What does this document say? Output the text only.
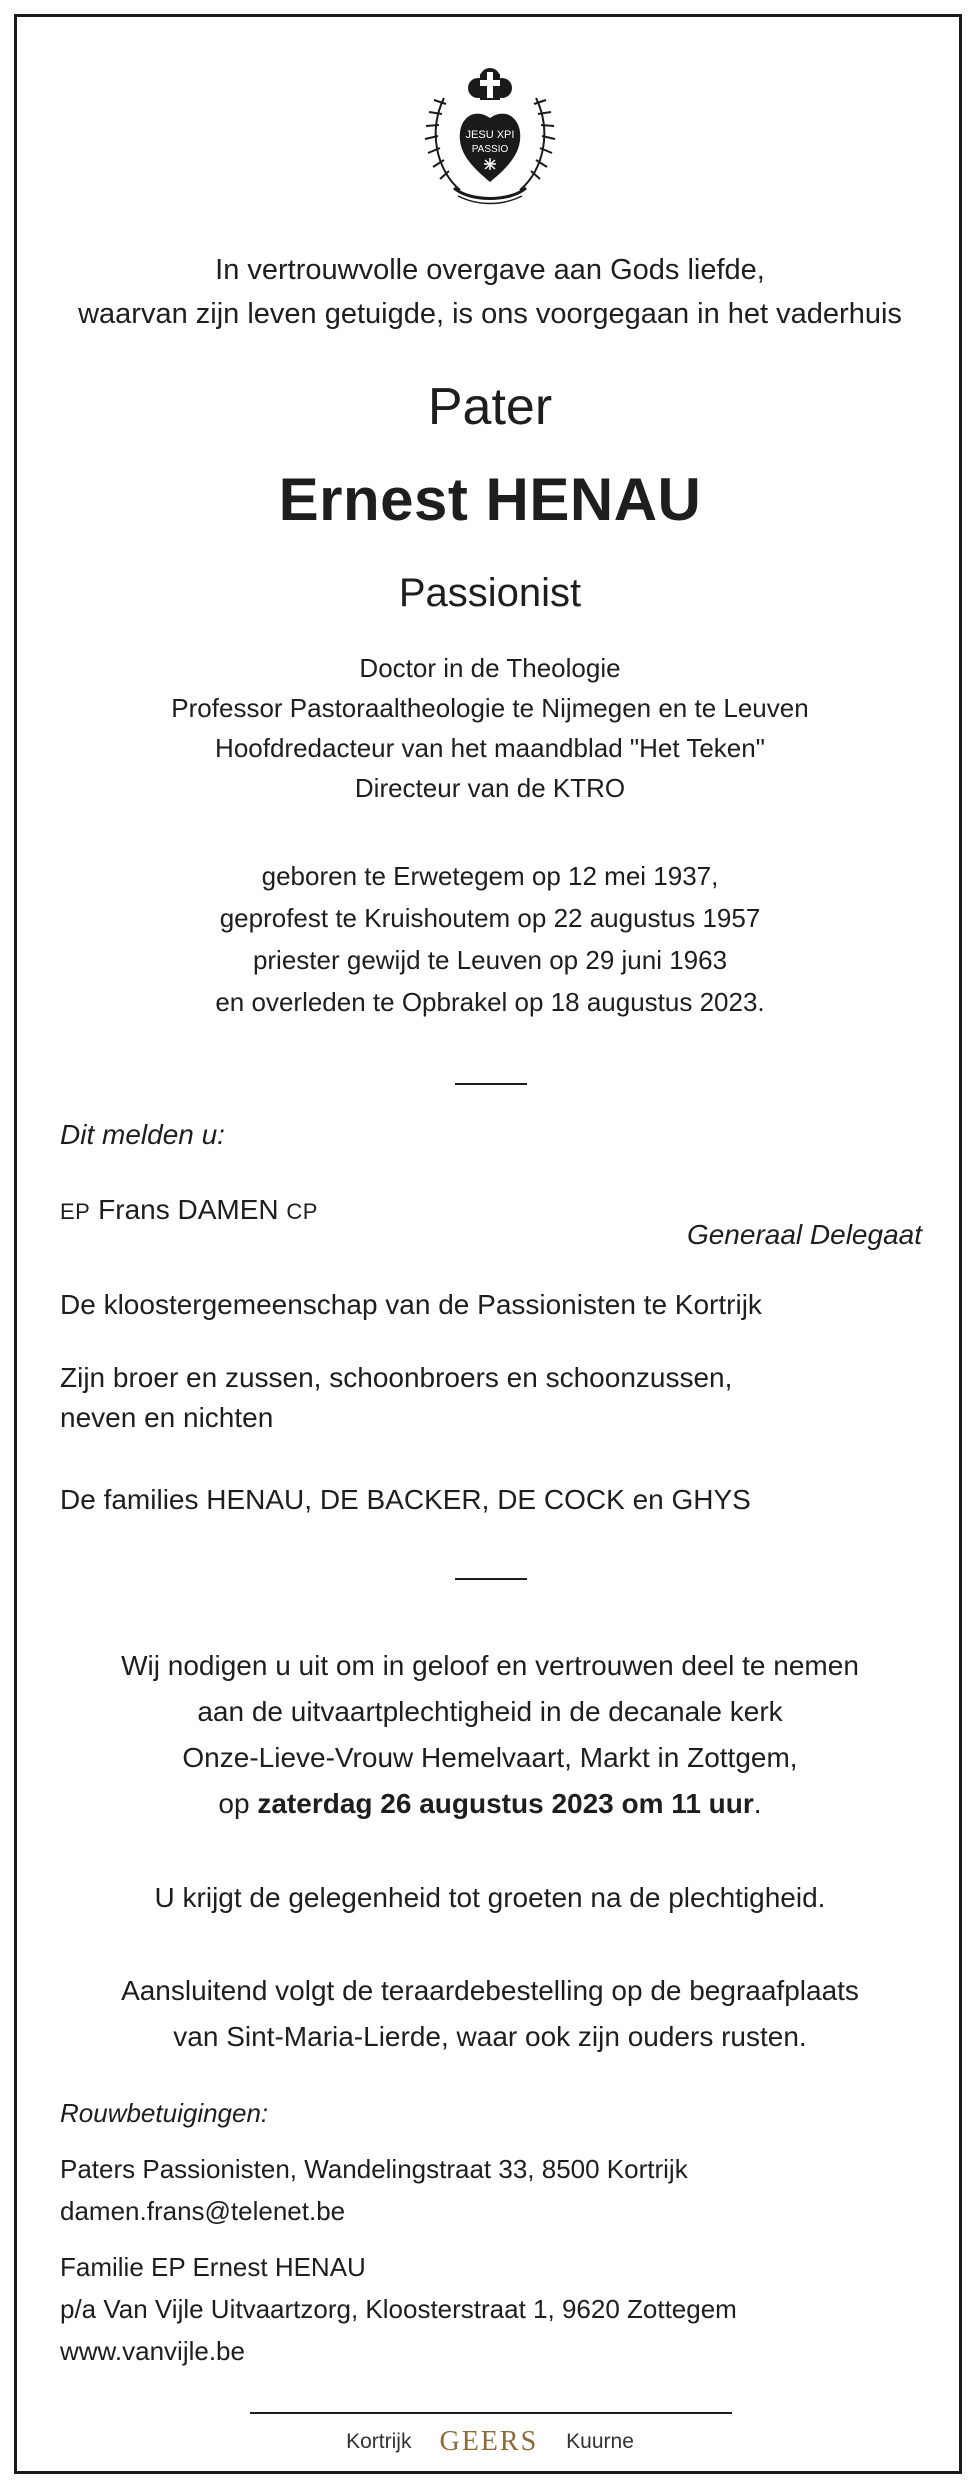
JESU XPI
PASSIO
In vertrouwvolle overgave aan Gods liefde,
waarvan zijn leven getuigde, is ons voorgegaan in het vaderhuis
Pater
Ernest HENAU
Passionist
Doctor in de Theologie
Professor Pastoraaltheologie te Nijmegen en te Leuven
Hoofdredacteur van het maandblad "Het Teken"
Directeur van de KTRO
geboren te Erwetegem op 12 mei 1937,
geprofest te Kruishoutem op 22 augustus 1957
priester gewijd te Leuven op 29 juni 1963
en overleden te Opbrakel op 18 augustus 2023.
Dit melden u:
EP Frans DAMEN CP
Generaal Delegaat
De kloostergemeenschap van de Passionisten te Kortrijk
Zijn broer en zussen, schoonbroers en schoonzussen,
neven en nichten
De families HENAU, DE BACKER, DE COCK en GHYS
Wij nodigen u uit om in geloof en vertrouwen deel te nemen
aan de uitvaartplechtigheid in de decanale kerk
Onze-Lieve-Vrouw Hemelvaart, Markt in Zottgem,
op zaterdag 26 augustus 2023 om 11 uur.
U krijgt de gelegenheid tot groeten na de plechtigheid.
Aansluitend volgt de teraardebestelling op de begraafplaats
van Sint-Maria-Lierde, waar ook zijn ouders rusten.
Rouwbetuigingen:
Paters Passionisten, Wandelingstraat 33, 8500 Kortrijk
damen.frans@telenet.be
Familie EP Ernest HENAU
p/a Van Vijle Uitvaartzorg, Kloosterstraat 1, 9620 Zottegem
www.vanvijle.be
Kortrijk GEERS Kuurne
